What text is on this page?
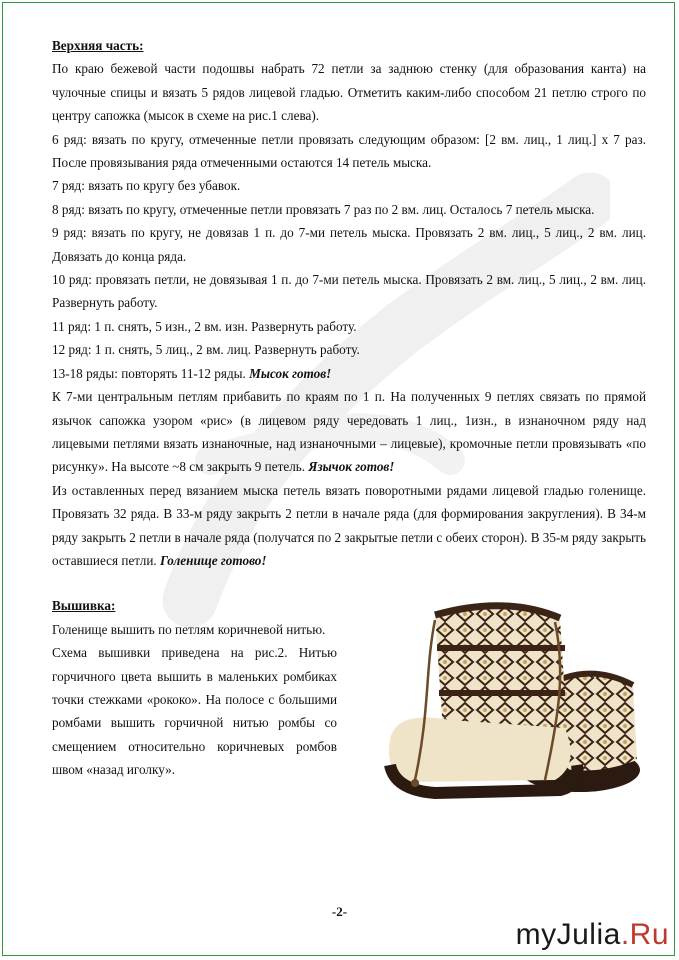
Верхняя часть:

По краю бежевой части подошвы набрать 72 петли за заднюю стенку (для образования канта) на чулочные спицы и вязать 5 рядов лицевой гладью. Отметить каким-либо способом 21 петлю строго по центру сапожка (мысок в схеме на рис.1 слева).

6 ряд: вязать по кругу, отмеченные петли провязать следующим образом: [2 вм. лиц., 1 лиц.] х 7 раз. После провязывания ряда отмеченными остаются 14 петель мыска.

7 ряд: вязать по кругу без убавок.

8 ряд: вязать по кругу, отмеченные петли провязать 7 раз по 2 вм. лиц. Осталось 7 петель мыска.

9 ряд: вязать по кругу, не довязав 1 п. до 7-ми петель мыска. Провязать 2 вм. лиц., 5 лиц., 2 вм. лиц. Довязать до конца ряда.

10 ряд: провязать петли, не довязывая 1 п. до 7-ми петель мыска. Провязать 2 вм. лиц., 5 лиц., 2 вм. лиц. Развернуть работу.

11 ряд: 1 п. снять, 5 изн., 2 вм. изн. Развернуть работу.

12 ряд: 1 п. снять, 5 лиц., 2 вм. лиц. Развернуть работу.

13-18 ряды: повторять 11-12 ряды. Мысок готов!

К 7-ми центральным петлям прибавить по краям по 1 п. На полученных 9 петлях связать по прямой язычок сапожка узором «рис» (в лицевом ряду чередовать 1 лиц., 1изн., в изнаночном ряду над лицевыми петлями вязать изнаночные, над изнаночными – лицевые), кромочные петли провязывать «по рисунку». На высоте ~8 см закрыть 9 петель. Язычок готов!

Из оставленных перед вязанием мыска петель вязать поворотными рядами лицевой гладью голенище. Провязать 32 ряда. В 33-м ряду закрыть 2 петли в начале ряда (для формирования закругления). В 34-м ряду закрыть 2 петли в начале ряда (получатся по 2 закрытые петли с обеих сторон). В 35-м ряду закрыть оставшиеся петли. Голенище готово!

Вышивка:

Голенище вышить по петлям коричневой нитью.

Схема вышивки приведена на рис.2. Нитью горчичного цвета вышить в маленьких ромбиках точки стежками «рококо». На полосе с большими ромбами вышить горчичной нитью ромбы со смещением относительно коричневых ромбов швом «назад иголку».

-2-
myJulia.Ru
